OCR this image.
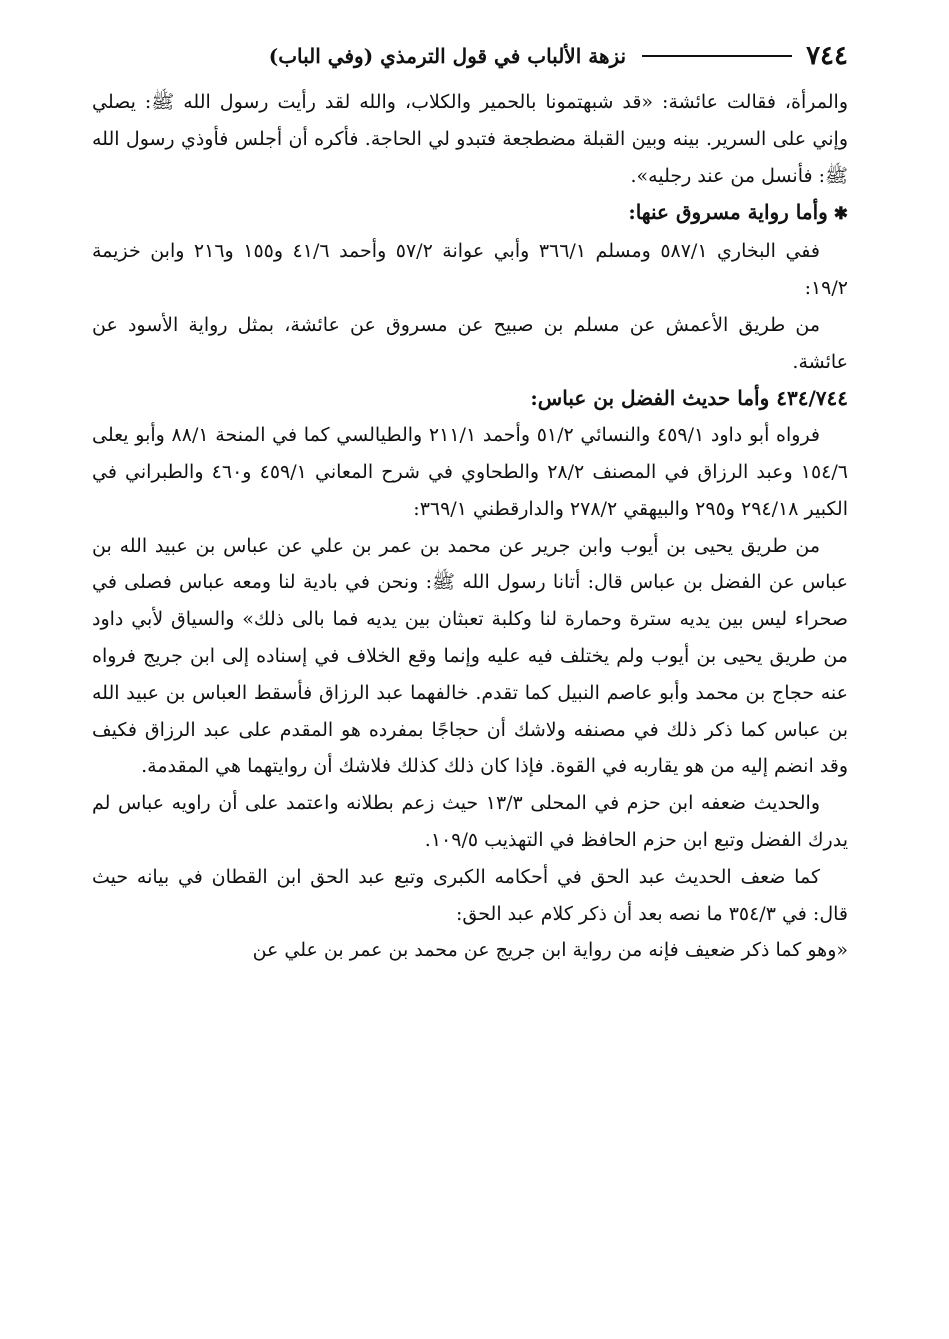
٧٤٤
نزهة الألباب في قول الترمذي (وفي الباب)

والمرأة، فقالت عائشة: «قد شبهتمونا بالحمير والكلاب، والله لقد رأيت رسول الله ﷺ: يصلي وإني على السرير. بينه وبين القبلة مضطجعة فتبدو لي الحاجة. فأكره أن أجلس فأوذي رسول الله ﷺ: فأنسل من عند رجليه».

✱ وأما رواية مسروق عنها:

ففي البخاري ٥٨٧/١ ومسلم ٣٦٦/١ وأبي عوانة ٥٧/٢ وأحمد ٤١/٦ و١٥٥ و٢١٦ وابن خزيمة ١٩/٢:

من طريق الأعمش عن مسلم بن صبيح عن مسروق عن عائشة، بمثل رواية الأسود عن عائشة.

٤٣٤/٧٤٤ وأما حديث الفضل بن عباس:

فرواه أبو داود ٤٥٩/١ والنسائي ٥١/٢ وأحمد ٢١١/١ والطيالسي كما في المنحة ٨٨/١ وأبو يعلى ١٥٤/٦ وعبد الرزاق في المصنف ٢٨/٢ والطحاوي في شرح المعاني ٤٥٩/١ و٤٦٠ والطبراني في الكبير ٢٩٤/١٨ و٢٩٥ والبيهقي ٢٧٨/٢ والدارقطني ٣٦٩/١:

من طريق يحيى بن أيوب وابن جرير عن محمد بن عمر بن علي عن عباس بن عبيد الله بن عباس عن الفضل بن عباس قال: أتانا رسول الله ﷺ: ونحن في بادية لنا ومعه عباس فصلى في صحراء ليس بين يديه سترة وحمارة لنا وكلبة تعبثان بين يديه فما بالى ذلك» والسياق لأبي داود من طريق يحيى بن أيوب ولم يختلف فيه عليه وإنما وقع الخلاف في إسناده إلى ابن جريج فرواه عنه حجاج بن محمد وأبو عاصم النبيل كما تقدم. خالفهما عبد الرزاق فأسقط العباس بن عبيد الله بن عباس كما ذكر ذلك في مصنفه ولاشك أن حجاجًا بمفرده هو المقدم على عبد الرزاق فكيف وقد انضم إليه من هو يقاربه في القوة. فإذا كان ذلك كذلك فلاشك أن روايتهما هي المقدمة.

والحديث ضعفه ابن حزم في المحلى ١٣/٣ حيث زعم بطلانه واعتمد على أن راويه عباس لم يدرك الفضل وتبع ابن حزم الحافظ في التهذيب ١٠٩/٥.

كما ضعف الحديث عبد الحق في أحكامه الكبرى وتبع عبد الحق ابن القطان في بيانه حيث قال: في ٣٥٤/٣ ما نصه بعد أن ذكر كلام عبد الحق:

«وهو كما ذكر ضعيف فإنه من رواية ابن جريج عن محمد بن عمر بن علي عن
